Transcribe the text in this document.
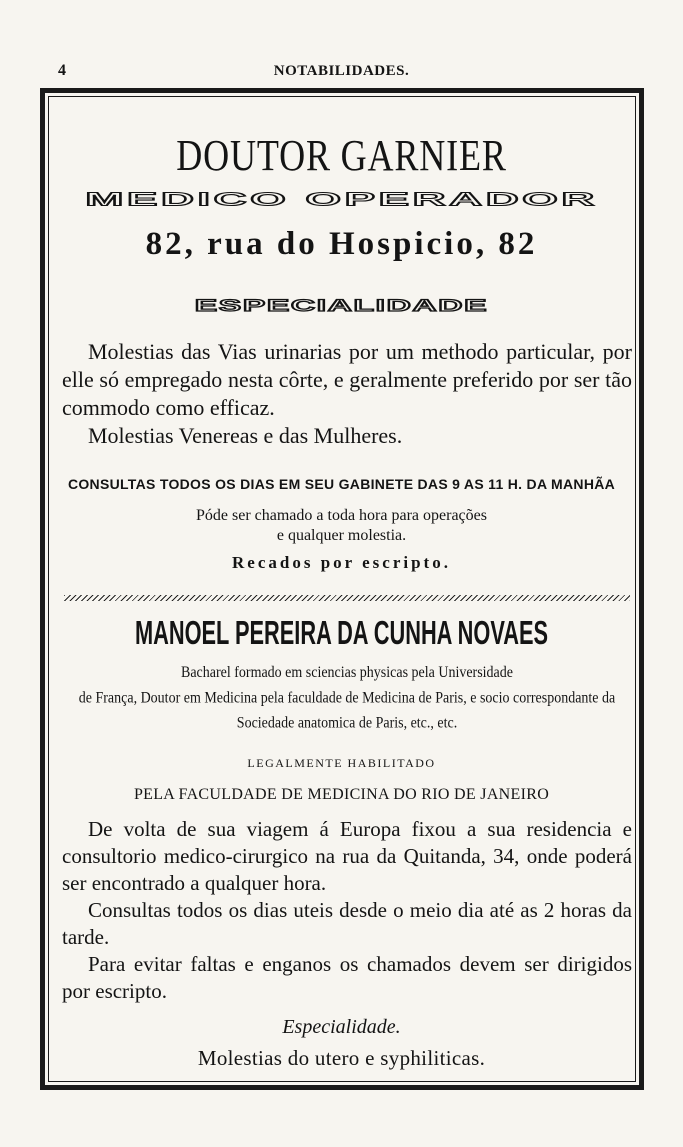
4	NOTABILIDADES.
DOUTOR GARNIER
MEDICO OPERADOR
82, rua do Hospicio, 82
ESPECIALIDADE
Molestias das Vias urinarias por um methodo particular, por elle só empregado nesta côrte, e geralmente preferido por ser tão commodo como efficaz.
Molestias Venereas e das Mulheres.
CONSULTAS TODOS OS DIAS EM SEU GABINETE DAS 9 AS 11 H. DA MANHÃA
Póde ser chamado a toda hora para operações
e qualquer molestia.
Recados por escripto.
MANOEL PEREIRA DA CUNHA NOVAES
Bacharel formado em sciencias physicas pela Universidade
de França, Doutor em Medicina pela faculdade de Medicina de Paris, e socio correspondante da
Sociedade anatomica de Paris, etc., etc.
LEGALMENTE HABILITADO
PELA FACULDADE DE MEDICINA DO RIO DE JANEIRO
De volta de sua viagem á Europa fixou a sua residencia e consultorio medico-cirurgico na rua da Quitanda, 34, onde poderá ser encontrado a qualquer hora.
Consultas todos os dias uteis desde o meio dia até as 2 horas da tarde.
Para evitar faltas e enganos os chamados devem ser dirigidos por escripto.
Especialidade.
Molestias do utero e syphiliticas.
